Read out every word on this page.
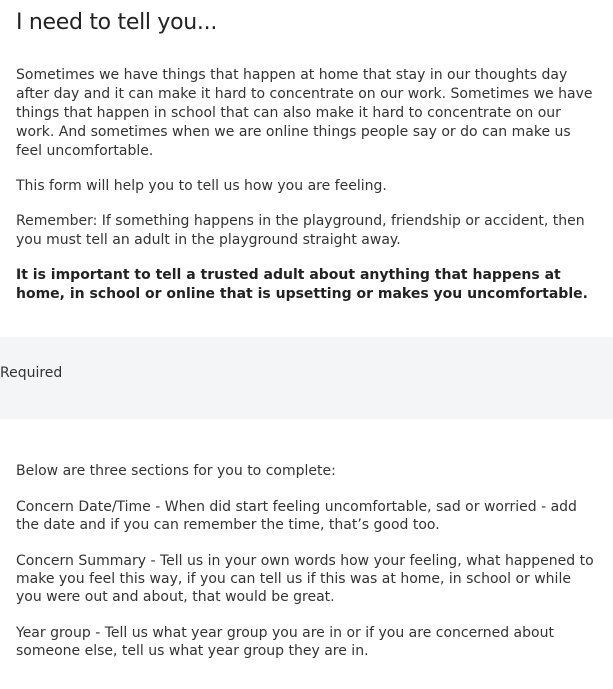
I need to tell you...

Sometimes we have things that happen at home that stay in our thoughts day after day and it can make it hard to concentrate on our work. Sometimes we have things that happen in school that can also make it hard to concentrate on our work. And sometimes when we are online things people say or do can make us feel uncomfortable.

This form will help you to tell us how you are feeling.

Remember: If something happens in the playground, friendship or accident, then you must tell an adult in the playground straight away.

It is important to tell a trusted adult about anything that happens at home, in school or online that is upsetting or makes you uncomfortable.

Required

Below are three sections for you to complete:

Concern Date/Time - When did start feeling uncomfortable, sad or worried - add the date and if you can remember the time, that’s good too.

Concern Summary - Tell us in your own words how your feeling, what happened to make you feel this way, if you can tell us if this was at home, in school or while you were out and about, that would be great.

Year group - Tell us what year group you are in or if you are concerned about someone else, tell us what year group they are in.
